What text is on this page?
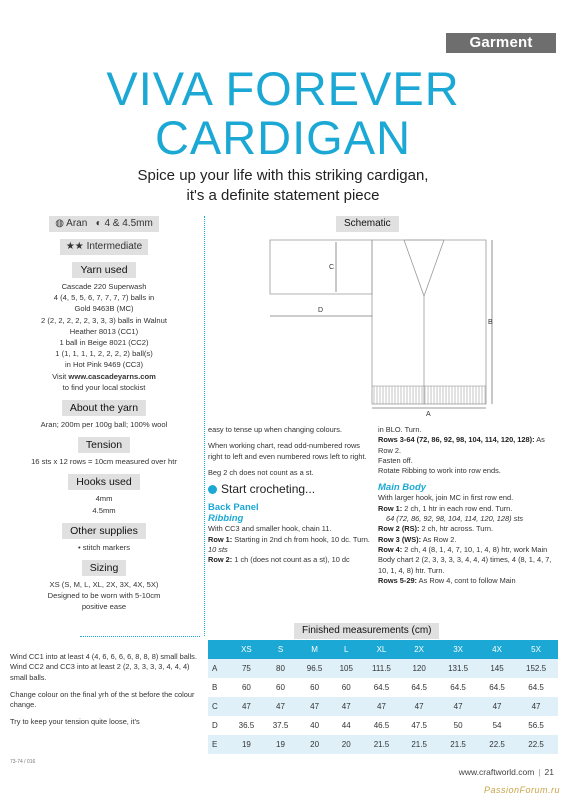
Garment
VIVA FOREVER
CARDIGAN
Spice up your life with this striking cardigan,
it's a definite statement piece
◍ Aran ◐ 4 & 4.5mm
★★ Intermediate
Yarn used
Cascade 220 Superwash
4 (4, 5, 5, 6, 7, 7, 7, 7) balls in
Gold 9463B (MC)
2 (2, 2, 2, 2, 2, 3, 3, 3) balls in Walnut
Heather 8013 (CC1)
1 ball in Beige 8021 (CC2)
1 (1, 1, 1, 1, 2, 2, 2, 2) ball(s)
in Hot Pink 9469 (CC3)
Visit www.cascadeyarns.com
to find your local stockist
About the yarn
Aran; 200m per 100g ball; 100% wool
Tension
16 sts x 12 rows = 10cm measured over htr
Hooks used
4mm
4.5mm
Other supplies
• stitch markers
Sizing
XS (S, M, L, XL, 2X, 3X, 4X, 5X)
Designed to be worn with 5-10cm
positive ease

Wind CC1 into at least 4 (4, 6, 6, 6, 6, 8, 8, 8) small balls. Wind CC2 and CC3 into at least 2 (2, 3, 3, 3, 3, 4, 4, 4) small balls.

Change colour on the final yrh of the st before the colour change.

Try to keep your tension quite loose, it's

Schematic
C
D
B
A

easy to tense up when changing colours.

When working chart, read odd-numbered rows right to left and even numbered rows left to right.

Beg 2 ch does not count as a st.

Start crocheting...
Back Panel
Ribbing
With CC3 and smaller hook, chain 11.
Row 1: Starting in 2nd ch from hook, 10 dc. Turn. 10 sts
Row 2: 1 ch (does not count as a st), 10 dc
in BLO. Turn.
Rows 3-64 (72, 86, 92, 98, 104, 114, 120, 128): As Row 2.
Fasten off.
Rotate Ribbing to work into row ends.
Main Body
With larger hook, join MC in first row end.
Row 1: 2 ch, 1 htr in each row end. Turn.
64 (72, 86, 92, 98, 104, 114, 120, 128) sts
Row 2 (RS): 2 ch, htr across. Turn.
Row 3 (WS): As Row 2.
Row 4: 2 ch, 4 (8, 1, 4, 7, 10, 1, 4, 8) htr, work Main Body chart 2 (2, 3, 3, 3, 3, 4, 4, 4) times, 4 (8, 1, 4, 7, 10, 1, 4, 8) htr. Turn.
Rows 5-29: As Row 4, cont to follow Main
Finished measurements (cm)
	XS	S	M	L	XL	2X	3X	4X	5X
A	75	80	96.5	105	111.5	120	131.5	145	152.5
B	60	60	60	60	64.5	64.5	64.5	64.5	64.5
C	47	47	47	47	47	47	47	47	47
D	36.5	37.5	40	44	46.5	47.5	50	54	56.5
E	19	19	20	20	21.5	21.5	21.5	22.5	22.5
73-74 / 016
www.craftworld.com | 21
PassionForum.ru
